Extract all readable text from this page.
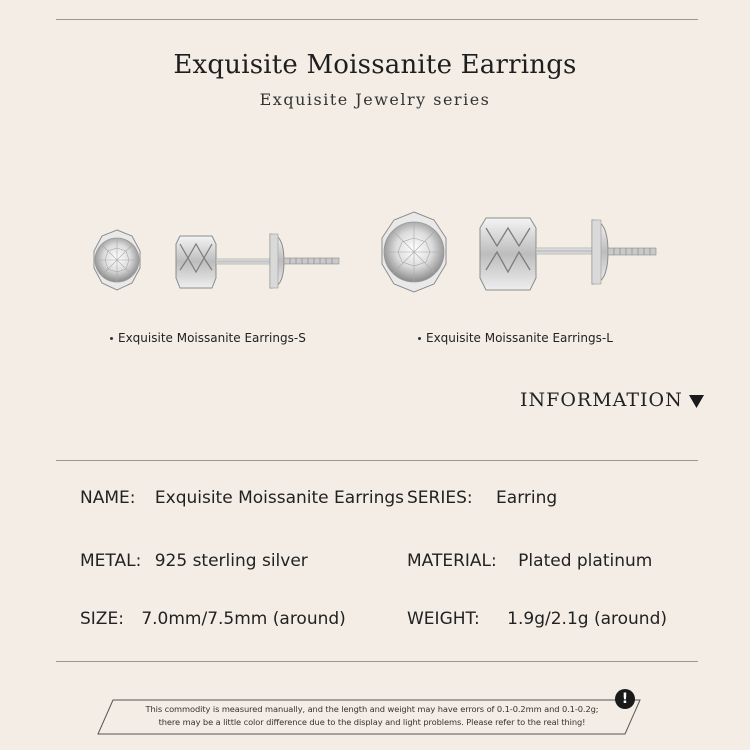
Exquisite Moissanite Earrings
Exquisite Jewelry series
Exquisite Moissanite Earrings-S	Exquisite Moissanite Earrings-L
INFORMATION
NAME: Exquisite Moissanite Earrings SERIES: Earring
METAL: 925 sterling silver	MATERIAL: Plated platinum
SIZE: 7.0mm/7.5mm (around)	WEIGHT: 1.9g/2.1g (around)
This commodity is measured manually, and the length and weight may have errors of 0.1-0.2mm and 0.1-0.2g;
there may be a little color difference due to the display and light problems. Please refer to the real thing!
!
